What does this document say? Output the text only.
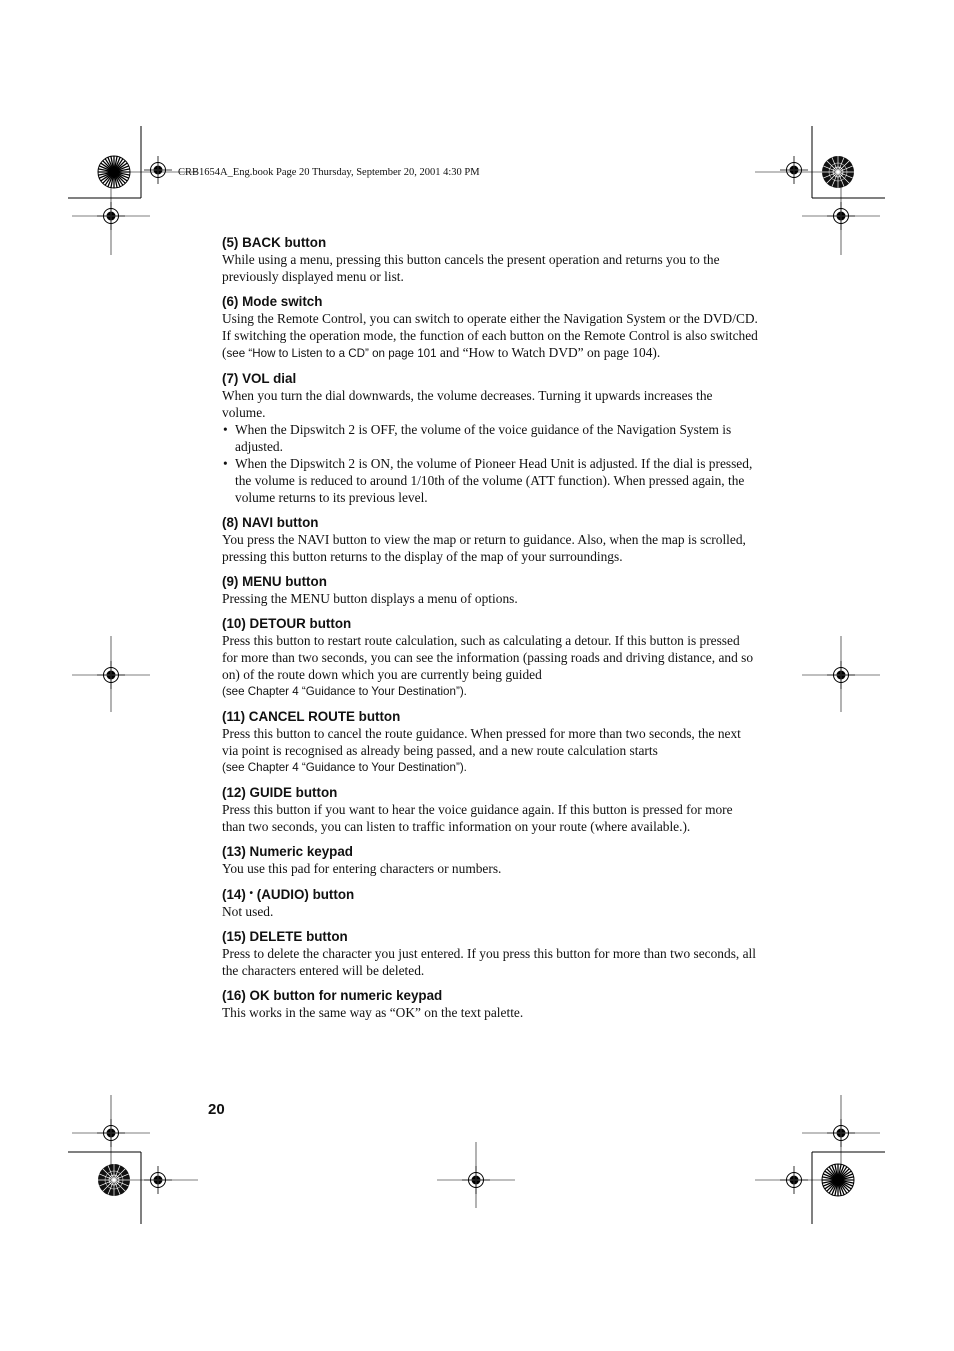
CRB1654A_Eng.book Page 20 Thursday, September 20, 2001 4:30 PM
(5) BACK button
While using a menu, pressing this button cancels the present operation and returns you to the previously displayed menu or list.
(6) Mode switch
Using the Remote Control, you can switch to operate either the Navigation System or the DVD/CD. If switching the operation mode, the function of each button on the Remote Control is also switched (see “How to Listen to a CD” on page 101 and “How to Watch DVD” on page 104).
(7) VOL dial
When you turn the dial downwards, the volume decreases. Turning it upwards increases the volume.
• When the Dipswitch 2 is OFF, the volume of the voice guidance of the Navigation System is adjusted.
• When the Dipswitch 2 is ON, the volume of Pioneer Head Unit is adjusted. If the dial is pressed, the volume is reduced to around 1/10th of the volume (ATT function). When pressed again, the volume returns to its previous level.
(8) NAVI button
You press the NAVI button to view the map or return to guidance. Also, when the map is scrolled, pressing this button returns to the display of the map of your surroundings.
(9) MENU button
Pressing the MENU button displays a menu of options.
(10) DETOUR button
Press this button to restart route calculation, such as calculating a detour. If this button is pressed for more than two seconds, you can see the information (passing roads and driving distance, and so on) of the route down which you are currently being guided
(see Chapter 4 “Guidance to Your Destination”).
(11) CANCEL ROUTE button
Press this button to cancel the route guidance. When pressed for more than two seconds, the next via point is recognised as already being passed, and a new route calculation starts
(see Chapter 4 “Guidance to Your Destination”).
(12) GUIDE button
Press this button if you want to hear the voice guidance again. If this button is pressed for more than two seconds, you can listen to traffic information on your route (where available.).
(13) Numeric keypad
You use this pad for entering characters or numbers.
(14) • (AUDIO) button
Not used.
(15) DELETE button
Press to delete the character you just entered. If you press this button for more than two seconds, all the characters entered will be deleted.
(16) OK button for numeric keypad
This works in the same way as “OK” on the text palette.
20
